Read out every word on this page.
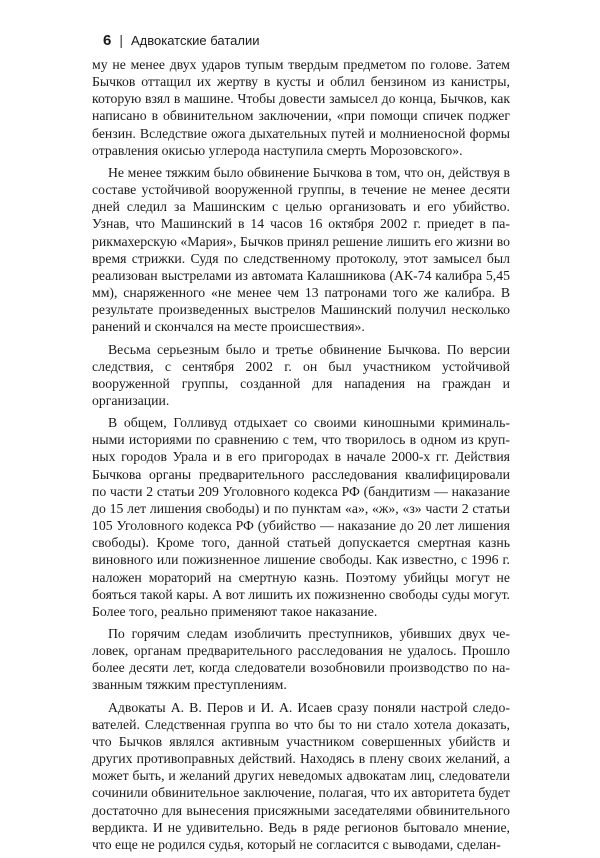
6 | Адвокатские баталии

му не менее двух ударов тупым твердым предметом по голове. Затем Бычков оттащил их жертву в кусты и облил бензином из канистры, которую взял в машине. Чтобы довести замысел до конца, Бычков, как написано в обвинительном заключении, «при помощи спичек поджег бензин. Вследствие ожога дыхательных путей и молниеносной формы отравления окисью углерода наступила смерть Морозовского».

Не менее тяжким было обвинение Бычкова в том, что он, действуя в составе устойчивой вооруженной группы, в течение не менее десяти дней следил за Машинским с целью организовать и его убийство. Узнав, что Машинский в 14 часов 16 октября 2002 г. приедет в парикмахерскую «Мария», Бычков принял решение лишить его жизни во время стрижки. Судя по следственному протоколу, этот замысел был реализован выстрелами из автомата Калашникова (АК-74 калибра 5,45 мм), снаряженного «не менее чем 13 патронами того же калибра. В результате произведенных выстрелов Машинский получил несколько ранений и скончался на месте происшествия».

Весьма серьезным было и третье обвинение Бычкова. По версии следствия, с сентября 2002 г. он был участником устойчивой вооруженной группы, созданной для нападения на граждан и организации.

В общем, Голливуд отдыхает со своими киношными криминальными историями по сравнению с тем, что творилось в одном из крупных городов Урала и в его пригородах в начале 2000-х гг. Действия Бычкова органы предварительного расследования квалифицировали по части 2 статьи 209 Уголовного кодекса РФ (бандитизм — наказание до 15 лет лишения свободы) и по пунктам «а», «ж», «з» части 2 статьи 105 Уголовного кодекса РФ (убийство — наказание до 20 лет лишения свободы). Кроме того, данной статьей допускается смертная казнь виновного или пожизненное лишение свободы. Как известно, с 1996 г. наложен мораторий на смертную казнь. Поэтому убийцы могут не бояться такой кары. А вот лишить их пожизненно свободы суды могут. Более того, реально применяют такое наказание.

По горячим следам изобличить преступников, убивших двух человек, органам предварительного расследования не удалось. Прошло более десяти лет, когда следователи возобновили производство по названным тяжким преступлениям.

Адвокаты А. В. Перов и И. А. Исаев сразу поняли настрой следователей. Следственная группа во что бы то ни стало хотела доказать, что Бычков являлся активным участником совершенных убийств и других противоправных действий. Находясь в плену своих желаний, а может быть, и желаний других неведомых адвокатам лиц, следователи сочинили обвинительное заключение, полагая, что их авторитета будет достаточно для вынесения присяжными заседателями обвинительного вердикта. И не удивительно. Ведь в ряде регионов бытовало мнение, что еще не родился судья, который не согласится с выводами, сделан-
